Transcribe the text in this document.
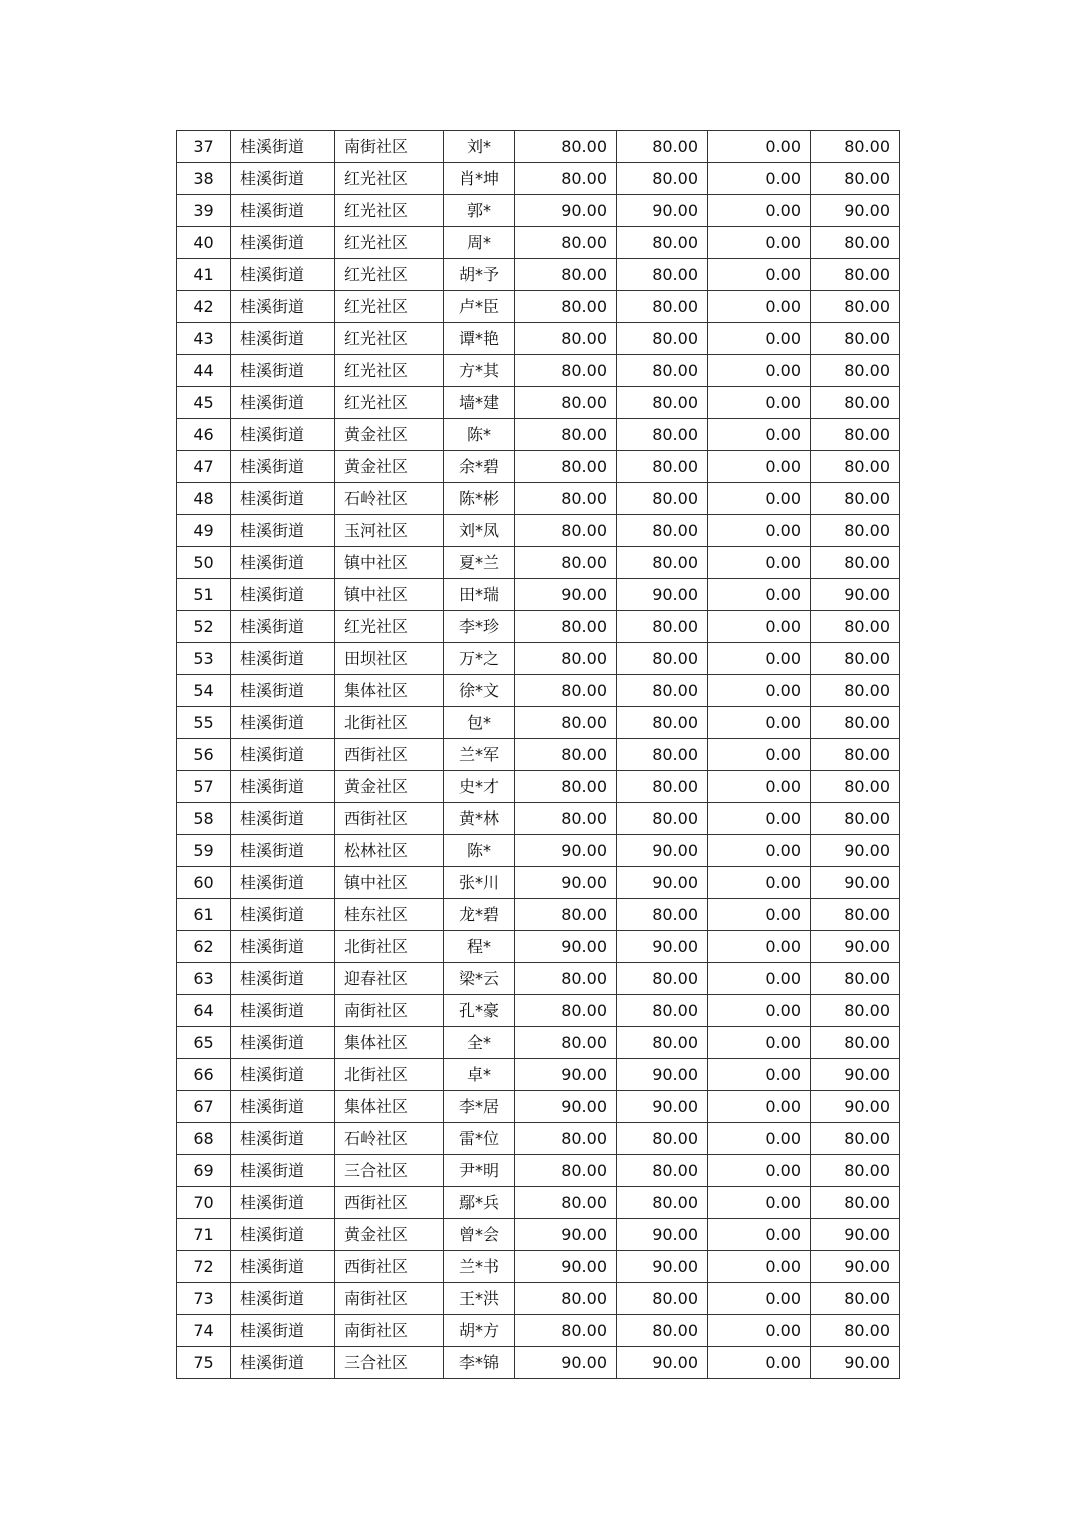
37	桂溪街道	南街社区	刘*	80.00	80.00	0.00	80.00
38	桂溪街道	红光社区	肖*坤	80.00	80.00	0.00	80.00
39	桂溪街道	红光社区	郭*	90.00	90.00	0.00	90.00
40	桂溪街道	红光社区	周*	80.00	80.00	0.00	80.00
41	桂溪街道	红光社区	胡*予	80.00	80.00	0.00	80.00
42	桂溪街道	红光社区	卢*臣	80.00	80.00	0.00	80.00
43	桂溪街道	红光社区	谭*艳	80.00	80.00	0.00	80.00
44	桂溪街道	红光社区	方*其	80.00	80.00	0.00	80.00
45	桂溪街道	红光社区	墙*建	80.00	80.00	0.00	80.00
46	桂溪街道	黄金社区	陈*	80.00	80.00	0.00	80.00
47	桂溪街道	黄金社区	余*碧	80.00	80.00	0.00	80.00
48	桂溪街道	石岭社区	陈*彬	80.00	80.00	0.00	80.00
49	桂溪街道	玉河社区	刘*凤	80.00	80.00	0.00	80.00
50	桂溪街道	镇中社区	夏*兰	80.00	80.00	0.00	80.00
51	桂溪街道	镇中社区	田*瑞	90.00	90.00	0.00	90.00
52	桂溪街道	红光社区	李*珍	80.00	80.00	0.00	80.00
53	桂溪街道	田坝社区	万*之	80.00	80.00	0.00	80.00
54	桂溪街道	集体社区	徐*文	80.00	80.00	0.00	80.00
55	桂溪街道	北街社区	包*	80.00	80.00	0.00	80.00
56	桂溪街道	西街社区	兰*军	80.00	80.00	0.00	80.00
57	桂溪街道	黄金社区	史*才	80.00	80.00	0.00	80.00
58	桂溪街道	西街社区	黄*林	80.00	80.00	0.00	80.00
59	桂溪街道	松林社区	陈*	90.00	90.00	0.00	90.00
60	桂溪街道	镇中社区	张*川	90.00	90.00	0.00	90.00
61	桂溪街道	桂东社区	龙*碧	80.00	80.00	0.00	80.00
62	桂溪街道	北街社区	程*	90.00	90.00	0.00	90.00
63	桂溪街道	迎春社区	梁*云	80.00	80.00	0.00	80.00
64	桂溪街道	南街社区	孔*豪	80.00	80.00	0.00	80.00
65	桂溪街道	集体社区	全*	80.00	80.00	0.00	80.00
66	桂溪街道	北街社区	卓*	90.00	90.00	0.00	90.00
67	桂溪街道	集体社区	李*居	90.00	90.00	0.00	90.00
68	桂溪街道	石岭社区	雷*位	80.00	80.00	0.00	80.00
69	桂溪街道	三合社区	尹*明	80.00	80.00	0.00	80.00
70	桂溪街道	西街社区	鄢*兵	80.00	80.00	0.00	80.00
71	桂溪街道	黄金社区	曾*会	90.00	90.00	0.00	90.00
72	桂溪街道	西街社区	兰*书	90.00	90.00	0.00	90.00
73	桂溪街道	南街社区	王*洪	80.00	80.00	0.00	80.00
74	桂溪街道	南街社区	胡*方	80.00	80.00	0.00	80.00
75	桂溪街道	三合社区	李*锦	90.00	90.00	0.00	90.00
